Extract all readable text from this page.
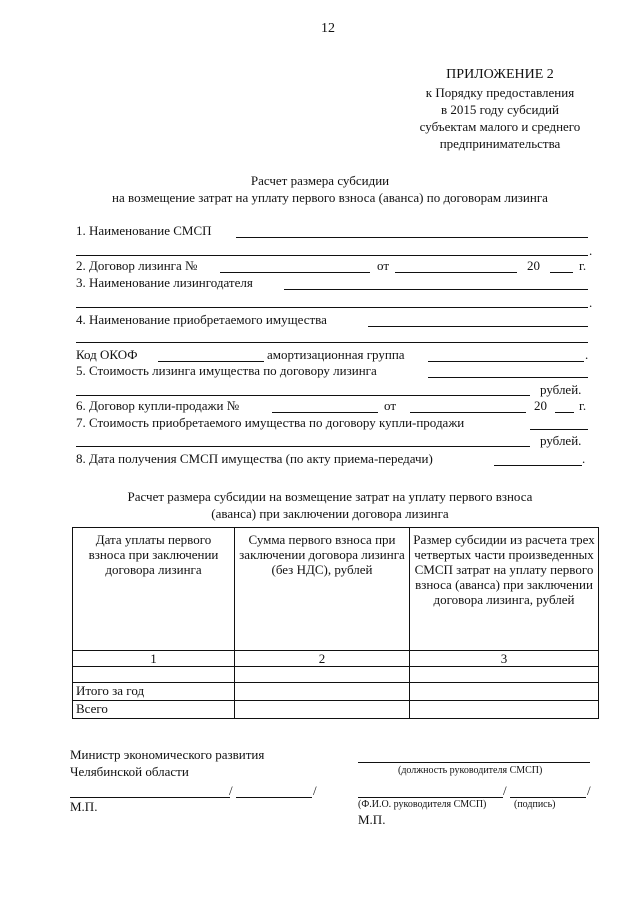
12
ПРИЛОЖЕНИЕ 2
к Порядку предоставления
в 2015 году субсидий
субъектам малого и среднего
предпринимательства
Расчет размера субсидии
на возмещение затрат на уплату первого взноса (аванса) по договорам лизинга
1. Наименование СМСП
.
2. Договор лизинга №	от	20	г.
3. Наименование лизингодателя
.
4. Наименование приобретаемого имущества
Код ОКОФ	амортизационная группа	.
5. Стоимость лизинга имущества по договору лизинга
рублей.
6. Договор купли-продажи №	от	20 г.
7. Стоимость приобретаемого имущества по договору купли-продажи
рублей.
8. Дата получения СМСП имущества (по акту приема-передачи)	.
Расчет размера субсидии на возмещение затрат на уплату первого взноса
(аванса) при заключении договора лизинга
Дата уплаты первого взноса при заключении договора лизинга	Сумма первого взноса при заключении договора лизинга (без НДС), рублей	Размер субсидии из расчета трех четвертых части произведенных СМСП затрат на уплату первого взноса (аванса) при заключении договора лизинга, рублей
1	2	3

Итого за год		
Всего		
Министр экономического развития
Челябинской области
/	/
М.П.
(должность руководителя СМСП)
/	/
(Ф.И.О. руководителя СМСП)	(подпись)
М.П.
